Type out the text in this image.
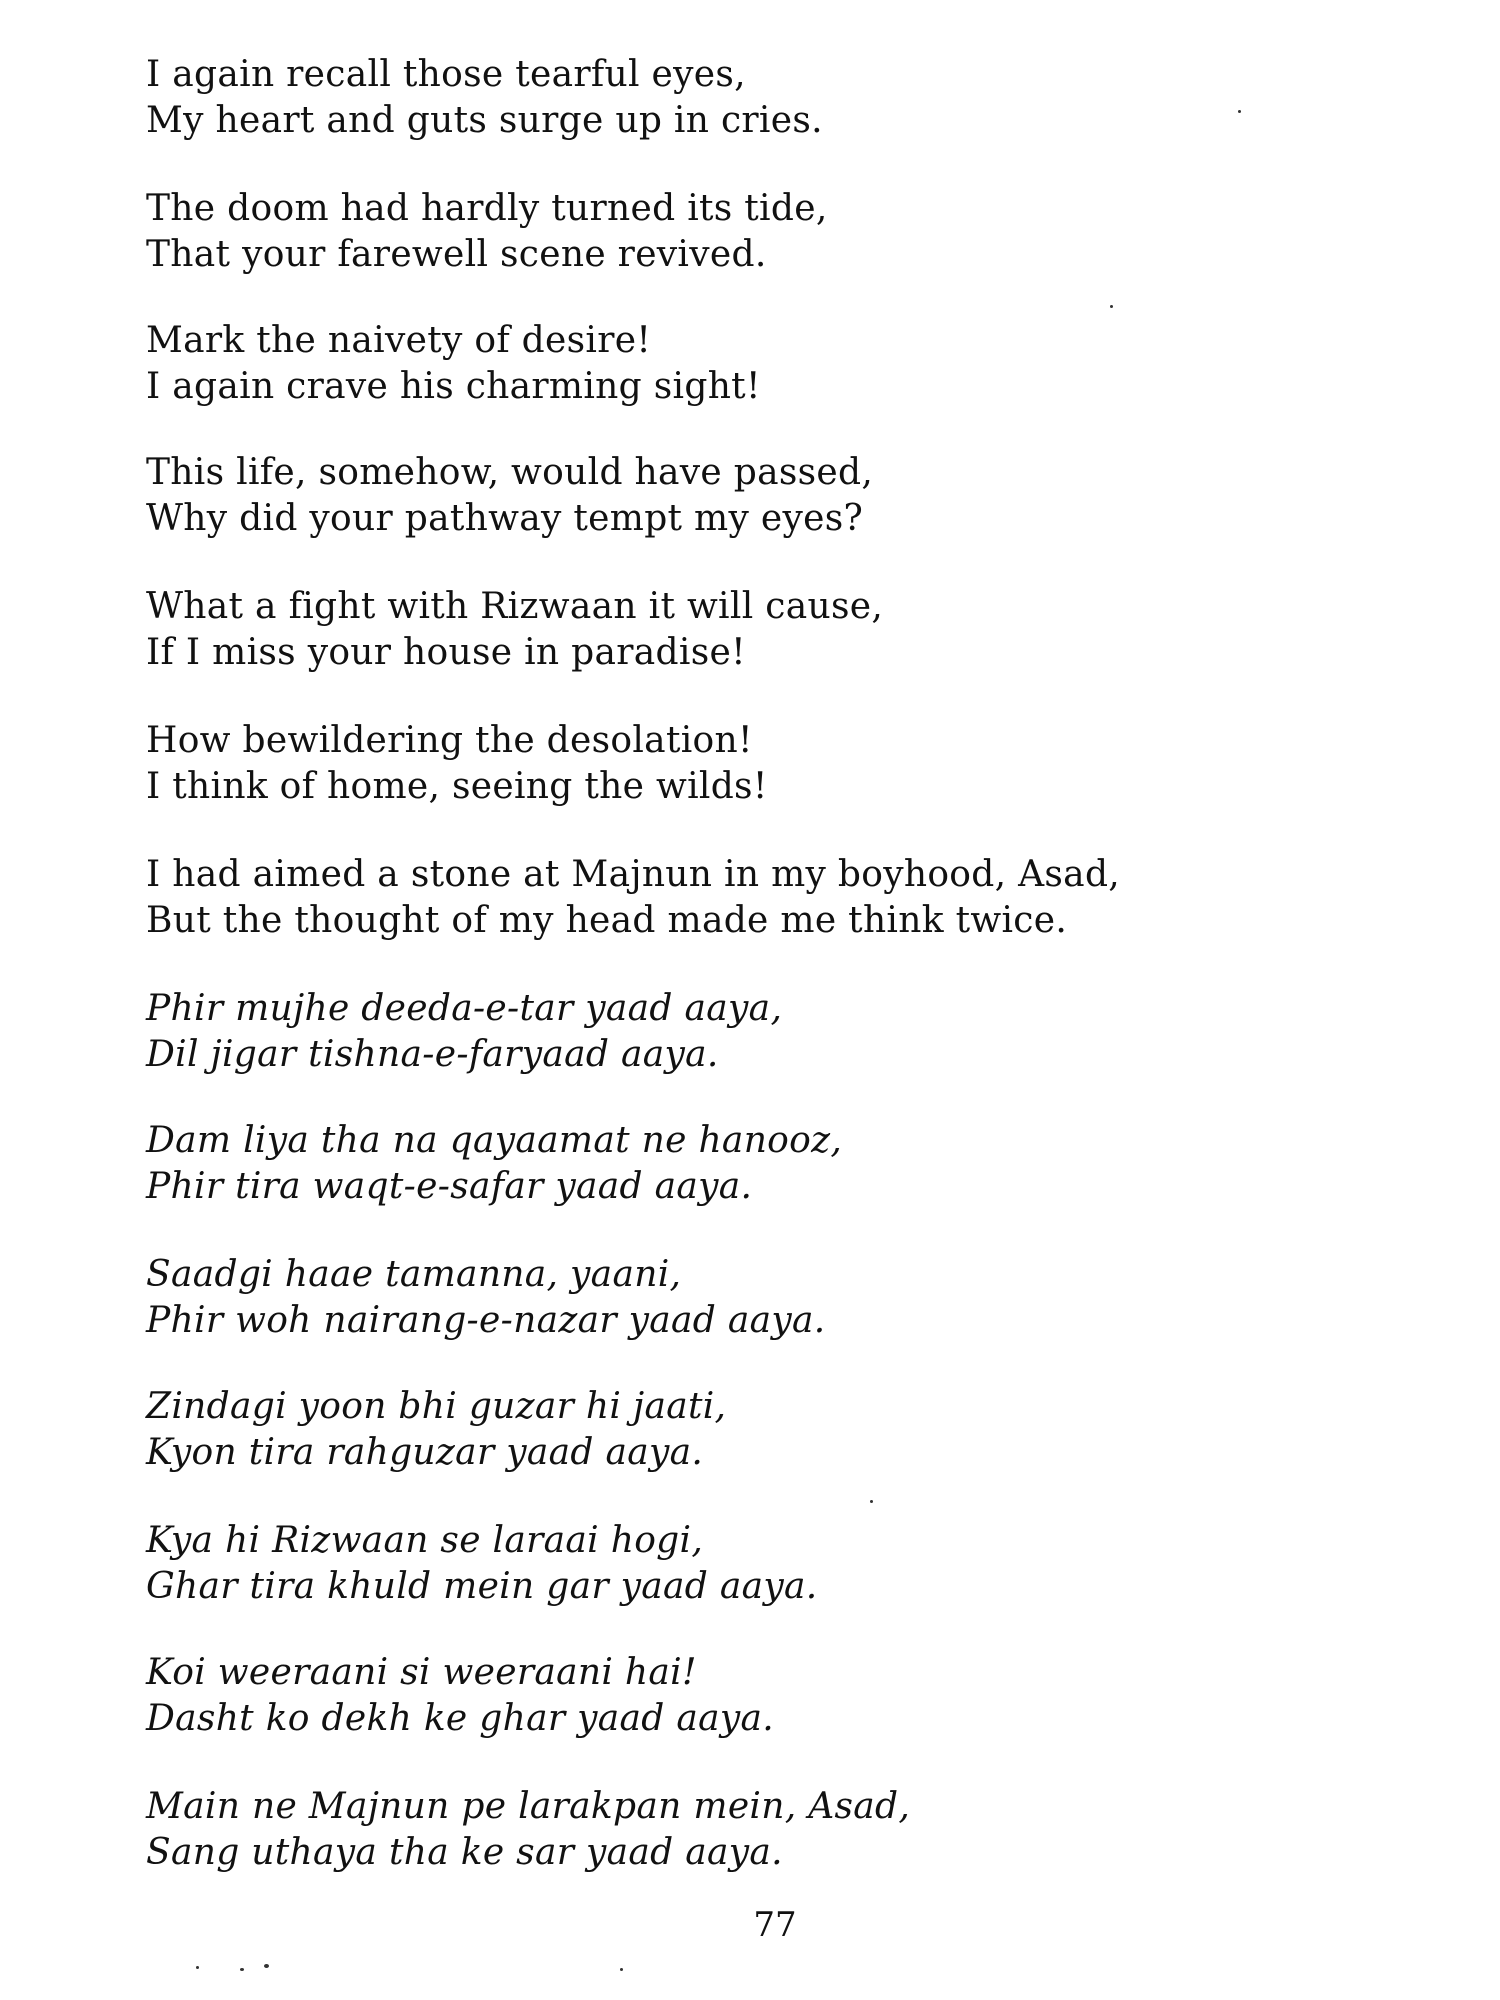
I again recall those tearful eyes,
My heart and guts surge up in cries.
The doom had hardly turned its tide,
That your farewell scene revived.
Mark the naivety of desire!
I again crave his charming sight!
This life, somehow, would have passed,
Why did your pathway tempt my eyes?
What a fight with Rizwaan it will cause,
If I miss your house in paradise!
How bewildering the desolation!
I think of home, seeing the wilds!
I had aimed a stone at Majnun in my boyhood, Asad,
But the thought of my head made me think twice.
Phir mujhe deeda-e-tar yaad aaya,
Dil jigar tishna-e-faryaad aaya.
Dam liya tha na qayaamat ne hanooz,
Phir tira waqt-e-safar yaad aaya.
Saadgi haae tamanna, yaani,
Phir woh nairang-e-nazar yaad aaya.
Zindagi yoon bhi guzar hi jaati,
Kyon tira rahguzar yaad aaya.
Kya hi Rizwaan se laraai hogi,
Ghar tira khuld mein gar yaad aaya.
Koi weeraani si weeraani hai!
Dasht ko dekh ke ghar yaad aaya.
Main ne Majnun pe larakpan mein, Asad,
Sang uthaya tha ke sar yaad aaya.
77
